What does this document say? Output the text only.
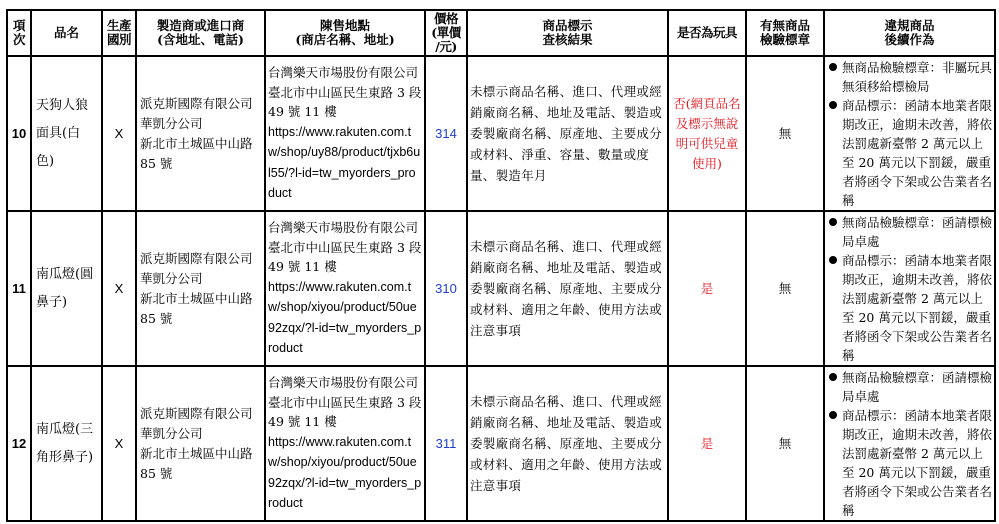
項次	品名	生產國別	製造商或進口商
(含地址、電話)	陳售地點
(商店名稱、地址)	價格
(單價
/元)	商品標示
查核結果	是否為玩具	有無商品
檢驗標章	違規商品
後續作為
10	天狗人狼面具(白色)	X	派克斯國際有限公司華凱分公司
新北市土城區中山路 85 號	台灣樂天市場股份有限公司
臺北市中山區民生東路 3 段 49 號 11 樓
https://www.rakuten.com.tw/shop/uy88/product/tjxb6ul55/?l-id=tw_myorders_product	314	未標示商品名稱、進口、代理或經銷廠商名稱、地址及電話、製造或委製廠商名稱、原產地、主要成分或材料、淨重、容量、數量或度量、製造年月	否(網頁品名及標示無說明可供兒童使用)	無	
無商品檢驗標章：非屬玩具無須移給標檢局
商品標示：函請本地業者限期改正，逾期未改善，將依法罰處新臺幣 2 萬元以上至 20 萬元以下罰鍰，嚴重者將函令下架或公告業者名稱

11	南瓜燈(圓鼻子)	X	派克斯國際有限公司華凱分公司
新北市土城區中山路 85 號	台灣樂天市場股份有限公司
臺北市中山區民生東路 3 段 49 號 11 樓
https://www.rakuten.com.tw/shop/xiyou/product/50ue92zqx/?l-id=tw_myorders_product	310	未標示商品名稱、進口、代理或經銷廠商名稱、地址及電話、製造或委製廠商名稱、原產地、主要成分或材料、適用之年齡、使用方法或注意事項	是	無	
無商品檢驗標章：函請標檢局卓處
商品標示：函請本地業者限期改正，逾期未改善，將依法罰處新臺幣 2 萬元以上至 20 萬元以下罰鍰，嚴重者將函令下架或公告業者名稱

12	南瓜燈(三角形鼻子)	X	派克斯國際有限公司華凱分公司
新北市土城區中山路 85 號	台灣樂天市場股份有限公司
臺北市中山區民生東路 3 段 49 號 11 樓
https://www.rakuten.com.tw/shop/xiyou/product/50ue92zqx/?l-id=tw_myorders_product	311	未標示商品名稱、進口、代理或經銷廠商名稱、地址及電話、製造或委製廠商名稱、原產地、主要成分或材料、適用之年齡、使用方法或注意事項	是	無	
無商品檢驗標章：函請標檢局卓處
商品標示：函請本地業者限期改正，逾期未改善，將依法罰處新臺幣 2 萬元以上至 20 萬元以下罰鍰，嚴重者將函令下架或公告業者名稱
